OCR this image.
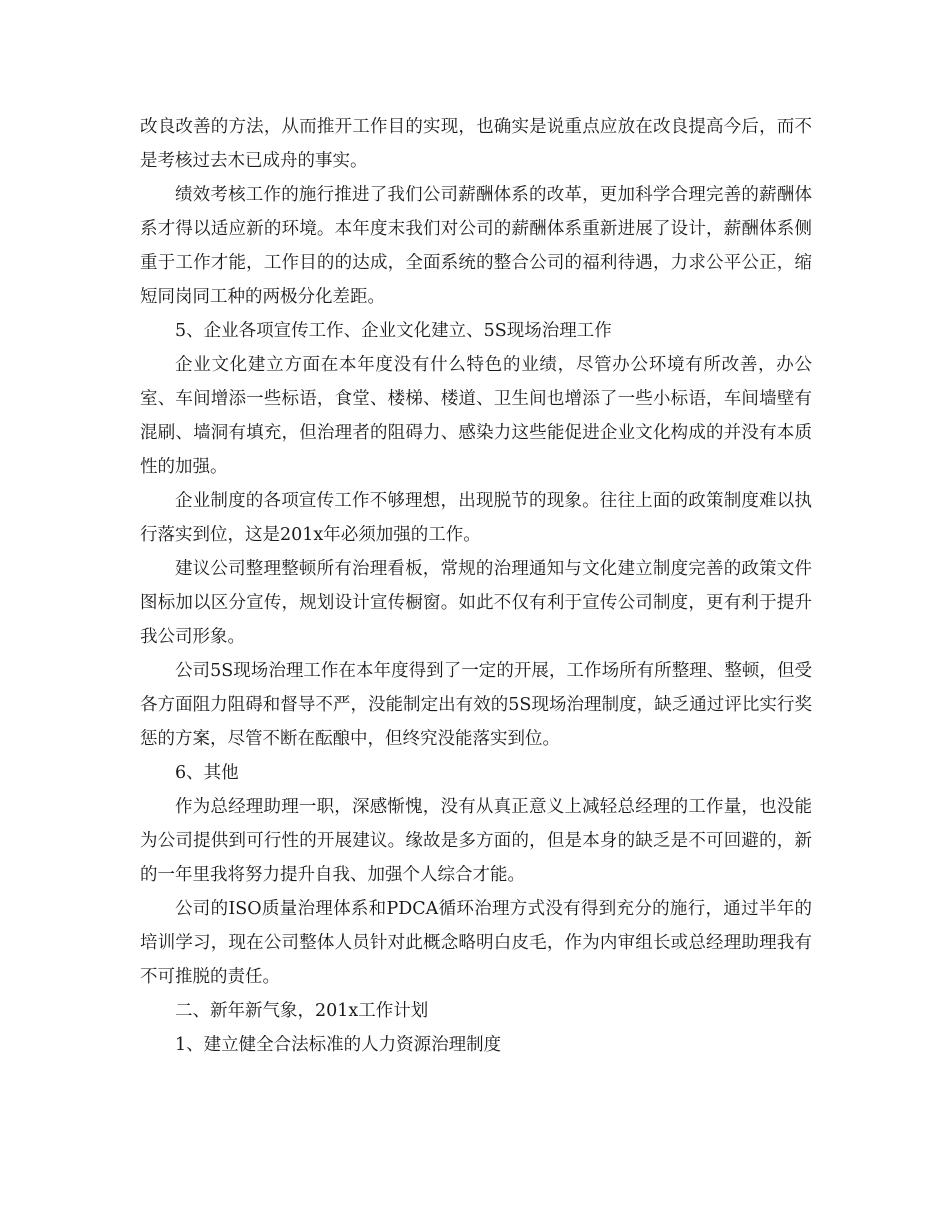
改良改善的方法，从而推开工作目的实现，也确实是说重点应放在改良提高今后，而不是考核过去木已成舟的事实。

绩效考核工作的施行推进了我们公司薪酬体系的改革，更加科学合理完善的薪酬体系才得以适应新的环境。本年度末我们对公司的薪酬体系重新进展了设计，薪酬体系侧重于工作才能，工作目的的达成，全面系统的整合公司的福利待遇，力求公平公正，缩短同岗同工种的两极分化差距。

5、企业各项宣传工作、企业文化建立、5S现场治理工作

企业文化建立方面在本年度没有什么特色的业绩，尽管办公环境有所改善，办公室、车间增添一些标语，食堂、楼梯、楼道、卫生间也增添了一些小标语，车间墙壁有混刷、墙洞有填充，但治理者的阻碍力、感染力这些能促进企业文化构成的并没有本质性的加强。

企业制度的各项宣传工作不够理想，出现脱节的现象。往往上面的政策制度难以执行落实到位，这是201x年必须加强的工作。

建议公司整理整顿所有治理看板，常规的治理通知与文化建立制度完善的政策文件图标加以区分宣传，规划设计宣传橱窗。如此不仅有利于宣传公司制度，更有利于提升我公司形象。

公司5S现场治理工作在本年度得到了一定的开展，工作场所有所整理、整顿，但受各方面阻力阻碍和督导不严，没能制定出有效的5S现场治理制度，缺乏通过评比实行奖惩的方案，尽管不断在酝酿中，但终究没能落实到位。

6、其他

作为总经理助理一职，深感惭愧，没有从真正意义上减轻总经理的工作量，也没能为公司提供到可行性的开展建议。缘故是多方面的，但是本身的缺乏是不可回避的，新的一年里我将努力提升自我、加强个人综合才能。

公司的ISO质量治理体系和PDCA循环治理方式没有得到充分的施行，通过半年的培训学习，现在公司整体人员针对此概念略明白皮毛，作为内审组长或总经理助理我有不可推脱的责任。

二、新年新气象，201x工作计划

1、建立健全合法标准的人力资源治理制度
